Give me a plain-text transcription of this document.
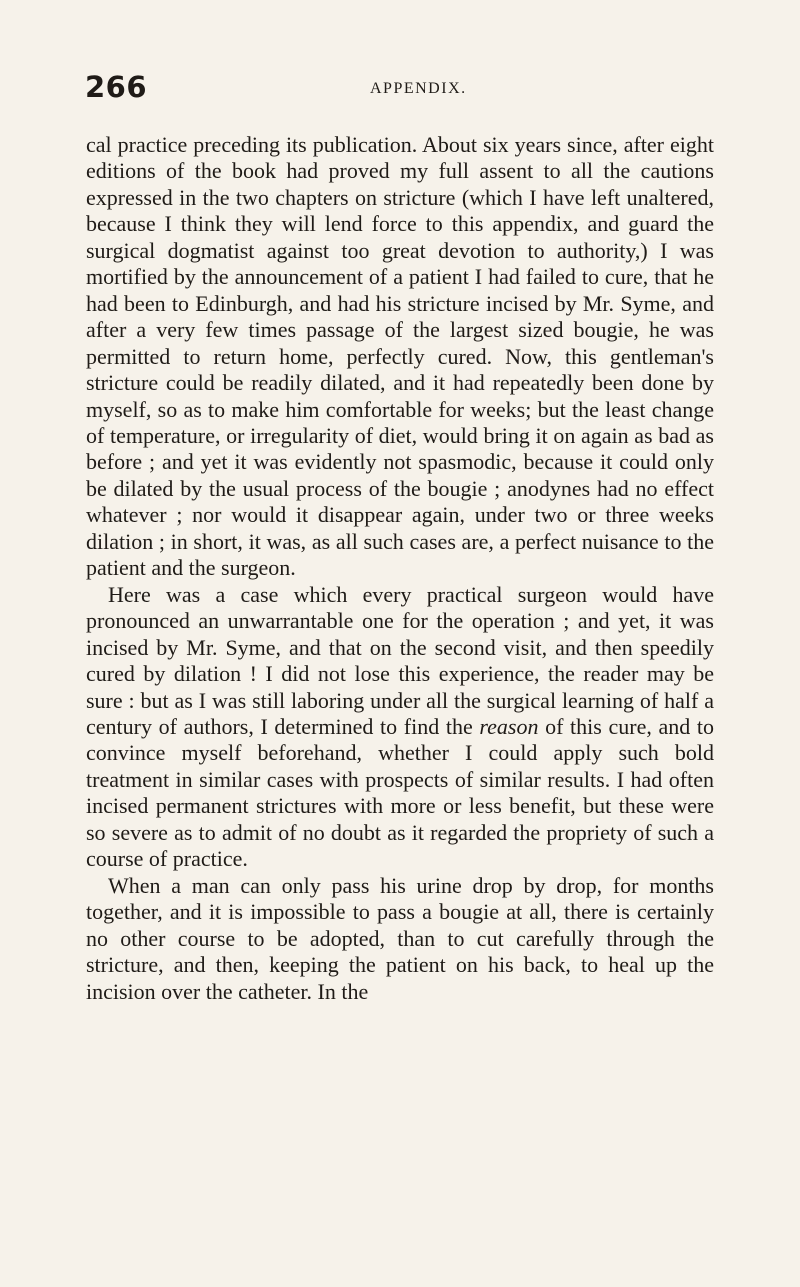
266	APPENDIX.

cal practice preceding its publication. About six years since, after eight editions of the book had proved my full assent to all the cautions expressed in the two chapters on stricture (which I have left unaltered, because I think they will lend force to this appendix, and guard the surgical dogmatist against too great devotion to authority,) I was mortified by the announcement of a patient I had failed to cure, that he had been to Edinburgh, and had his stricture incised by Mr. Syme, and after a very few times passage of the largest sized bougie, he was permitted to return home, perfectly cured. Now, this gentleman's stricture could be readily dilated, and it had repeatedly been done by myself, so as to make him comfortable for weeks; but the least change of temperature, or irregularity of diet, would bring it on again as bad as before ; and yet it was evidently not spasmodic, because it could only be dilated by the usual process of the bougie ; anodynes had no effect whatever ; nor would it disappear again, under two or three weeks dilation ; in short, it was, as all such cases are, a perfect nuisance to the patient and the surgeon.

Here was a case which every practical surgeon would have pronounced an unwarrantable one for the operation ; and yet, it was incised by Mr. Syme, and that on the second visit, and then speedily cured by dilation ! I did not lose this experience, the reader may be sure : but as I was still laboring under all the surgical learning of half a century of authors, I determined to find the reason of this cure, and to convince myself beforehand, whether I could apply such bold treatment in similar cases with prospects of similar results. I had often incised permanent strictures with more or less benefit, but these were so severe as to admit of no doubt as it regarded the propriety of such a course of practice.

When a man can only pass his urine drop by drop, for months together, and it is impossible to pass a bougie at all, there is certainly no other course to be adopted, than to cut carefully through the stricture, and then, keeping the patient on his back, to heal up the incision over the catheter. In the
